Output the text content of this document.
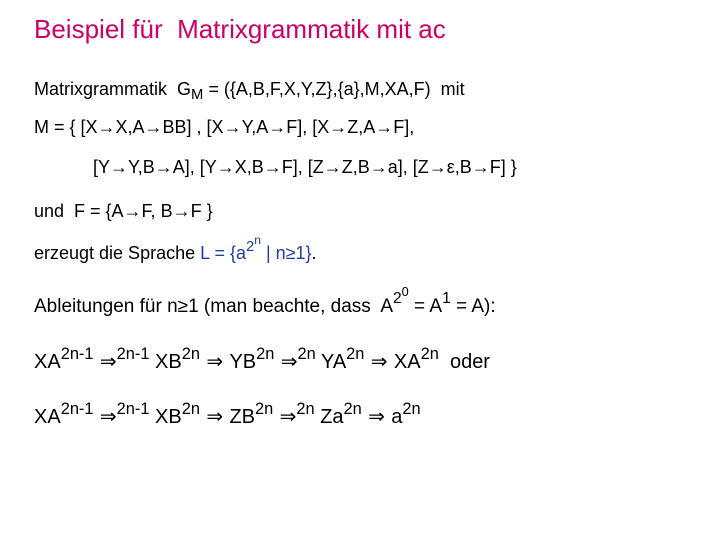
Beispiel für  Matrixgrammatik mit ac
Matrixgrammatik  $G_M = (\{A,B,F,X,Y,Z\},\{a\},M,XA,F)$  mit
M = { [X→X,A→BB] , [X→Y,A→F], [X→Z,A→F],
[Y→Y,B→A], [Y→X,B→F], [Z→Z,B→a], [Z→ε,B→F] }
und  F = {A→F, B→F }
erzeugt die Sprache $L = \{a^{2^n}$ | n≥1}.
Ableitungen für n≥1 (man beachte, dass  $A^{2^0} = A^1 = A$):
$XA^{2n-1}$ ⇒$^{2n-1}$ $XB^{2n}$ ⇒ $YB^{2n}$ ⇒$^{2n}$ $YA^{2n}$ ⇒ $XA^{2n}$  oder
$XA^{2n-1}$ ⇒$^{2n-1}$ $XB^{2n}$ ⇒ $ZB^{2n}$ ⇒$^{2n}$ $Za^{2n}$ ⇒ $a^{2n}$
